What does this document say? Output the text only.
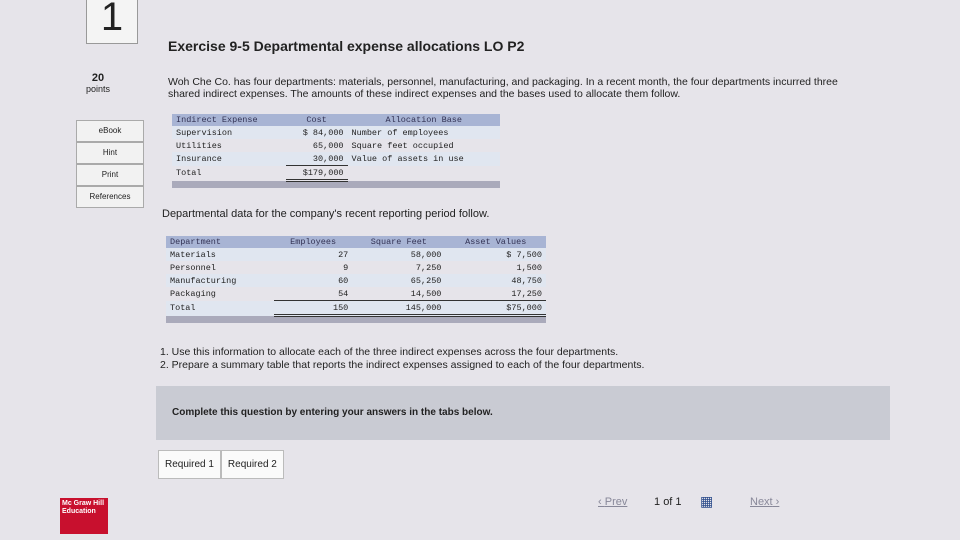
1
Exercise 9-5 Departmental expense allocations LO P2
20
points
Woh Che Co. has four departments: materials, personnel, manufacturing, and packaging. In a recent month, the four departments incurred three shared indirect expenses. The amounts of these indirect expenses and the bases used to allocate them follow.
eBook
Hint
Print
References
Indirect Expense	Cost	Allocation Base
Supervision	$ 84,000	Number of employees
Utilities	65,000	Square feet occupied
Insurance	30,000	Value of assets in use
Total	$179,000	

Departmental data for the company's recent reporting period follow.
Department	Employees	Square Feet	Asset Values
Materials	27	58,000	$ 7,500
Personnel	9	7,250	1,500
Manufacturing	60	65,250	48,750
Packaging	54	14,500	17,250
Total	150	145,000	$75,000

1. Use this information to allocate each of the three indirect expenses across the four departments.
2. Prepare a summary table that reports the indirect expenses assigned to each of the four departments.
Complete this question by entering your answers in the tabs below.
Required 1	Required 2
Mc Graw Hill Education
‹ Prev 1 of 1 ▦	Next ›
